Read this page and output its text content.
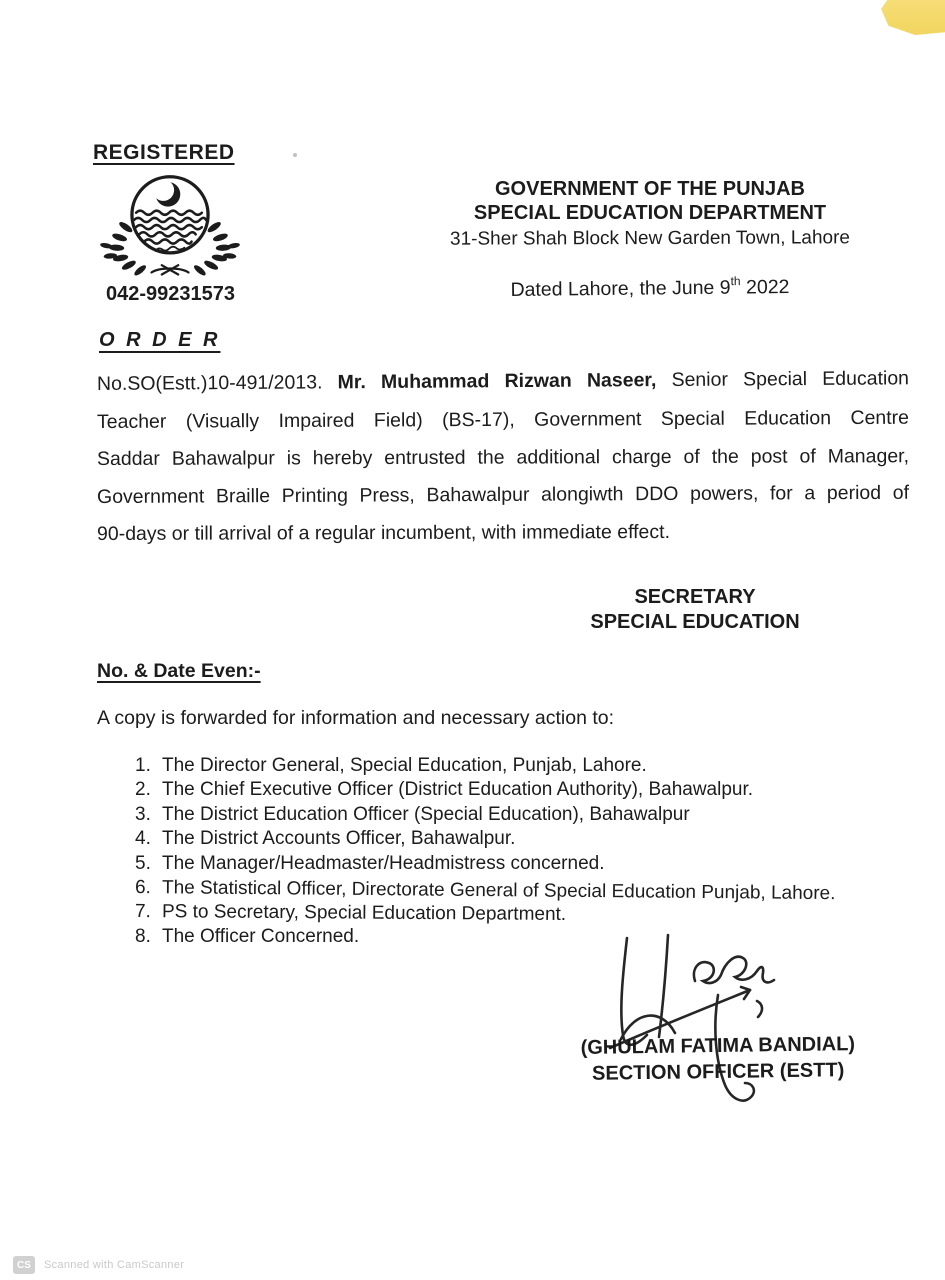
REGISTERED
042-99231573
GOVERNMENT OF THE PUNJAB
SPECIAL EDUCATION DEPARTMENT
31-Sher Shah Block New Garden Town, Lahore
Dated Lahore, the June 9th 2022
O R D E R
No.SO(Estt.)10-491/2013. Mr. Muhammad Rizwan Naseer, Senior Special Education
Teacher (Visually Impaired Field) (BS-17), Government Special Education Centre
Saddar Bahawalpur is hereby entrusted the additional charge of the post of Manager,
Government Braille Printing Press, Bahawalpur alongiwth DDO powers, for a period of
90-days or till arrival of a regular incumbent, with immediate effect.
SECRETARY
SPECIAL EDUCATION
No. & Date Even:-
A copy is forwarded for information and necessary action to:
1. The Director General, Special Education, Punjab, Lahore.
2. The Chief Executive Officer (District Education Authority), Bahawalpur.
3. The District Education Officer (Special Education), Bahawalpur
4. The District Accounts Officer, Bahawalpur.
5. The Manager/Headmaster/Headmistress concerned.
6. The Statistical Officer, Directorate General of Special Education Punjab, Lahore.
7. PS to Secretary, Special Education Department.
8. The Officer Concerned.
(GHULAM FATIMA BANDIAL)
SECTION OFFICER (ESTT)
CS	Scanned with CamScanner
